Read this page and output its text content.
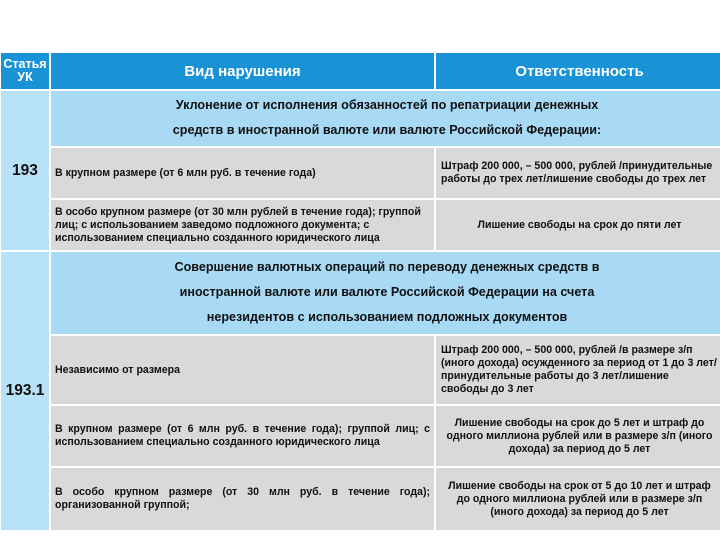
Статья УК	Вид нарушения	Ответственность
193
Уклонение от исполнения обязанностей по репатриации денежных
средств в иностранной валюте или валюте Российской Федерации:
В крупном размере (от 6 млн руб. в течение года)
Штраф 200 000, – 500 000, рублей /принудительные работы до трех лет/лишение свободы до трех лет
В особо крупном размере (от 30 млн рублей в течение года); группой лиц; с использованием заведомо подложного документа; с использованием специально созданного юридического лица
Лишение свободы на срок до пяти лет
193.1
Совершение валютных операций по переводу денежных средств в
иностранной валюте или валюте Российской Федерации на счета
нерезидентов с использованием подложных документов
Независимо от размера
Штраф 200 000, – 500 000, рублей /в размере з/п (иного дохода) осужденного за период от 1 до 3 лет/принудительные работы до 3 лет/лишение свободы до 3 лет
В крупном размере (от 6 млн руб. в течение года); группой лиц; с использованием специально созданного юридического лица
Лишение свободы на срок до 5 лет и штраф до одного миллиона рублей или в размере з/п (иного дохода) за период до 5 лет
В особо крупном размере (от 30 млн руб. в течение года); организованной группой;
Лишение свободы на срок от 5 до 10 лет и штраф до одного миллиона рублей или в размере з/п (иного дохода) за период до 5 лет
